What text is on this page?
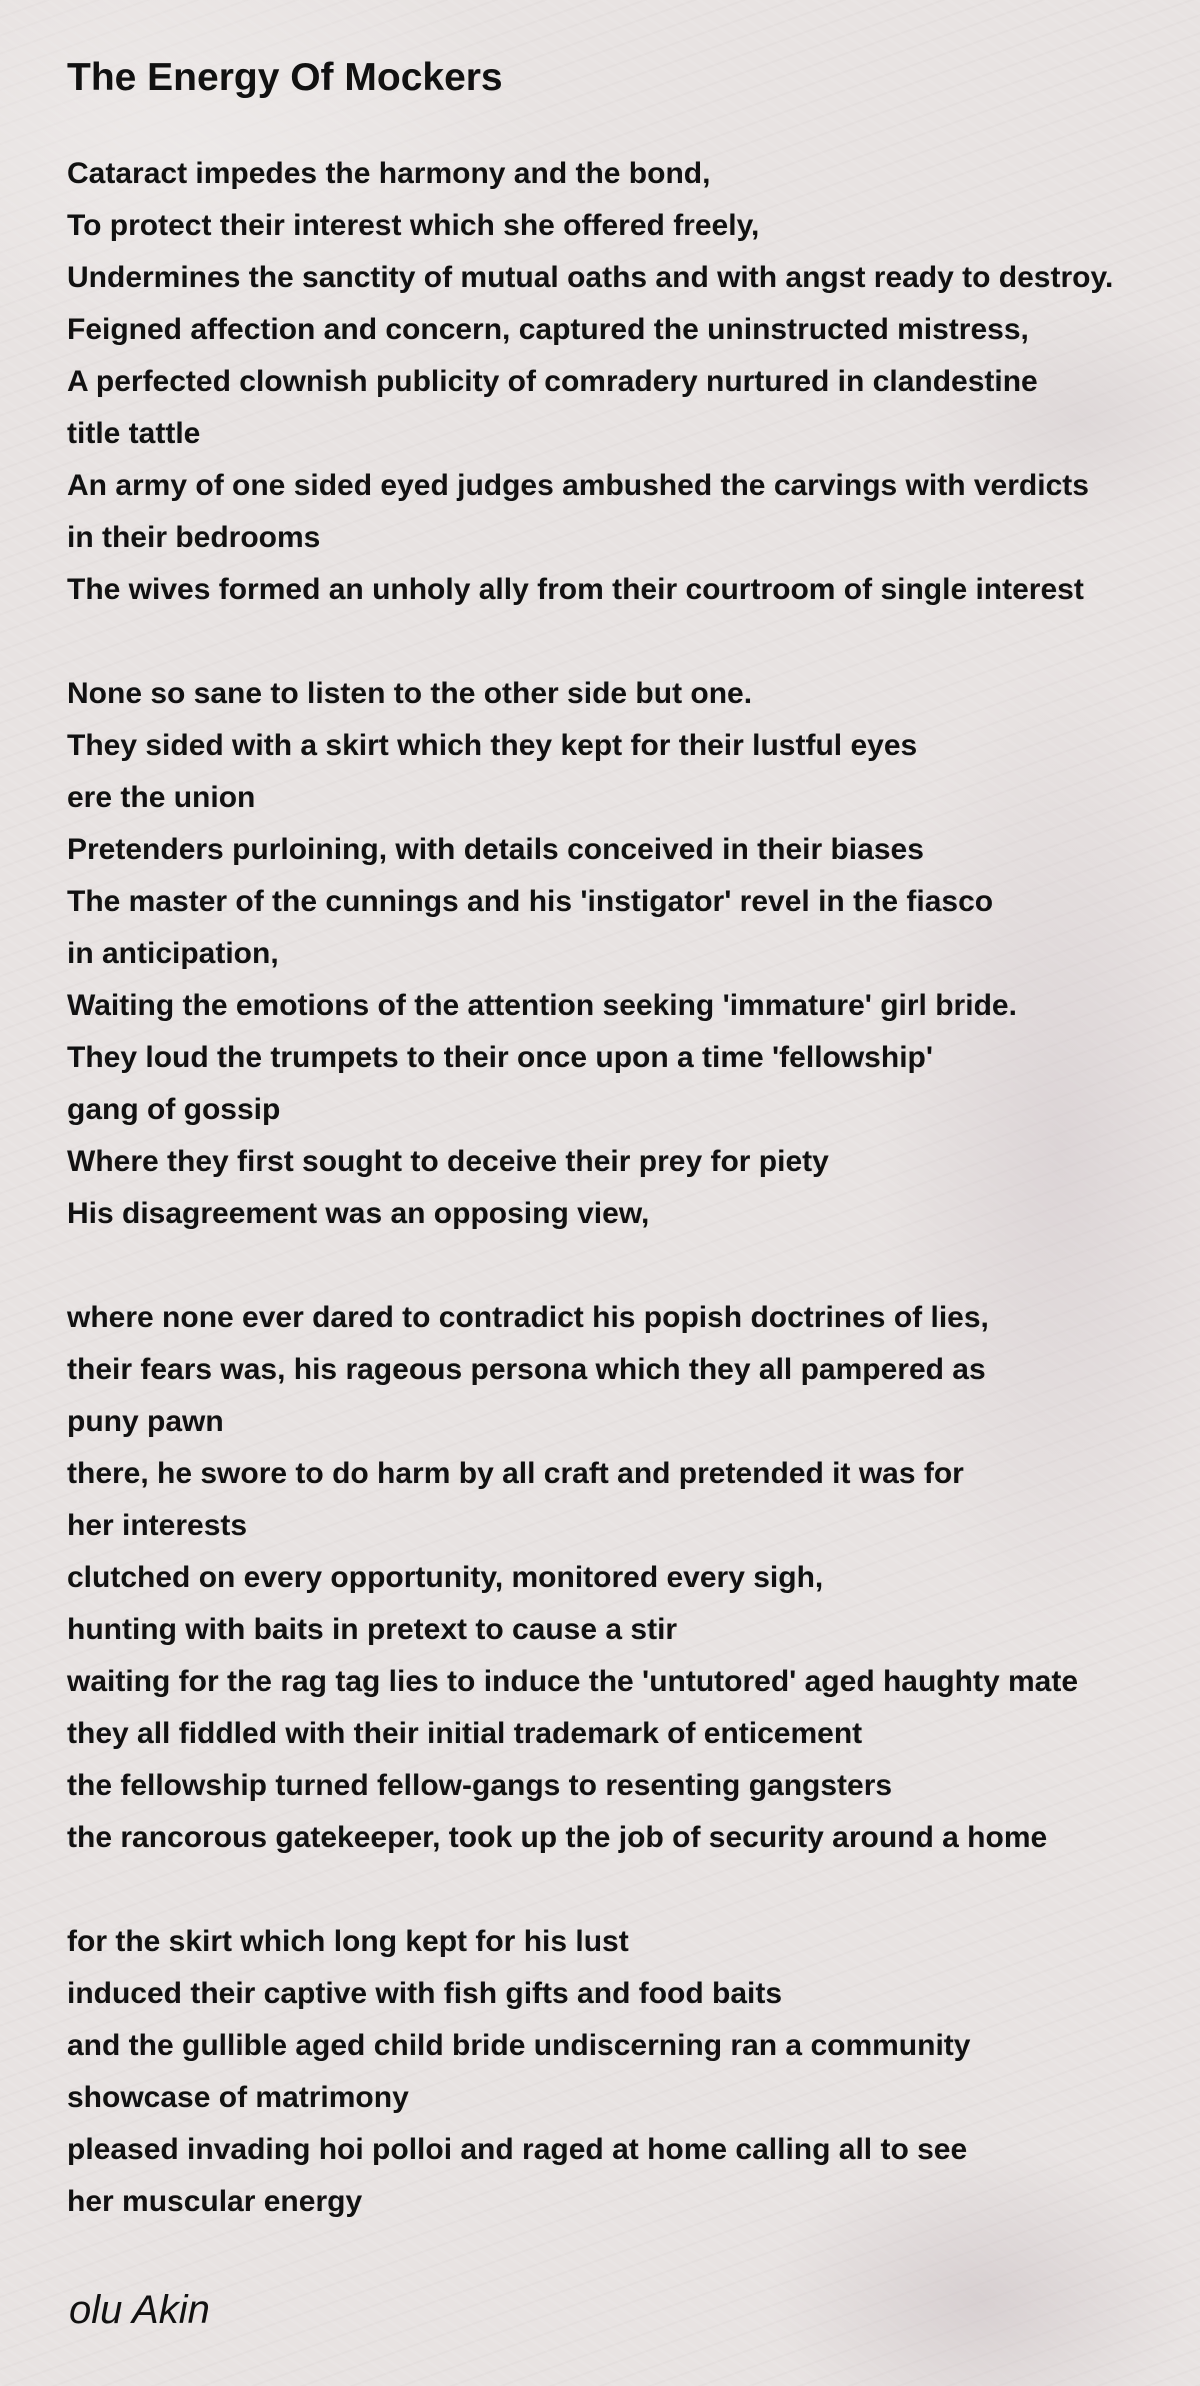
The Energy Of Mockers
Cataract impedes the harmony and the bond,
To protect their interest which she offered freely,
Undermines the sanctity of mutual oaths and with angst ready to destroy.
Feigned affection and concern, captured the uninstructed mistress,
A perfected clownish publicity of comradery nurtured in clandestine
title tattle
An army of one sided eyed judges ambushed the carvings with verdicts
in their bedrooms
The wives formed an unholy ally from their courtroom of single interest
None so sane to listen to the other side but one.
They sided with a skirt which they kept for their lustful eyes
ere the union
Pretenders purloining, with details conceived in their biases
The master of the cunnings and his 'instigator' revel in the fiasco
in anticipation,
Waiting the emotions of the attention seeking 'immature' girl bride.
They loud the trumpets to their once upon a time 'fellowship'
gang of gossip
Where they first sought to deceive their prey for piety
His disagreement was an opposing view,
where none ever dared to contradict his popish doctrines of lies,
their fears was, his rageous persona which they all pampered as
puny pawn
there, he swore to do harm by all craft and pretended it was for
her interests
clutched on every opportunity, monitored every sigh,
hunting with baits in pretext to cause a stir
waiting for the rag tag lies to induce the 'untutored' aged haughty mate
they all fiddled with their initial trademark of enticement
the fellowship turned fellow-gangs to resenting gangsters
the rancorous gatekeeper, took up the job of security around a home
for the skirt which long kept for his lust
induced their captive with fish gifts and food baits
and the gullible aged child bride undiscerning ran a community
showcase of matrimony
pleased invading hoi polloi and raged at home calling all to see
her muscular energy
olu Akin
